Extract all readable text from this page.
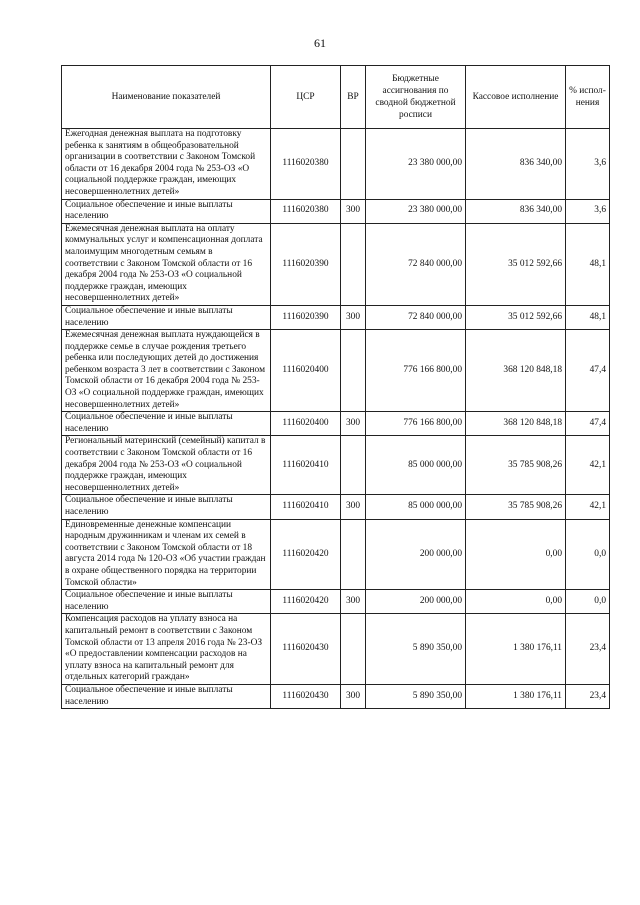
61
Наименование показателей	ЦСР	ВР	Бюджетные ассигнования по сводной бюджетной росписи	Кассовое исполнение	% испол-нения
Ежегодная денежная выплата на подготовку ребенка к занятиям в общеобразовательной организации в соответствии с Законом Томской области от 16 декабря 2004 года № 253-ОЗ «О социальной поддержке граждан, имеющих несовершеннолетних детей»	1116020380		23 380 000,00	836 340,00	3,6
Социальное обеспечение и иные выплаты населению	1116020380	300	23 380 000,00	836 340,00	3,6
Ежемесячная денежная выплата на оплату коммунальных услуг и компенсационная доплата малоимущим многодетным семьям в соответствии с Законом Томской области от 16 декабря 2004 года № 253-ОЗ «О социальной поддержке граждан, имеющих несовершеннолетних детей»	1116020390		72 840 000,00	35 012 592,66	48,1
Социальное обеспечение и иные выплаты населению	1116020390	300	72 840 000,00	35 012 592,66	48,1
Ежемесячная денежная выплата нуждающейся в поддержке семье в случае рождения третьего ребенка или последующих детей до достижения ребенком возраста 3 лет в соответствии с Законом Томской области от 16 декабря 2004 года № 253-ОЗ «О социальной поддержке граждан, имеющих несовершеннолетних детей»	1116020400		776 166 800,00	368 120 848,18	47,4
Социальное обеспечение и иные выплаты населению	1116020400	300	776 166 800,00	368 120 848,18	47,4
Региональный материнский (семейный) капитал в соответствии с Законом Томской области от 16 декабря 2004 года № 253-ОЗ «О социальной поддержке граждан, имеющих несовершеннолетних детей»	1116020410		85 000 000,00	35 785 908,26	42,1
Социальное обеспечение и иные выплаты населению	1116020410	300	85 000 000,00	35 785 908,26	42,1
Единовременные денежные компенсации народным дружинникам и членам их семей в соответствии с Законом Томской области от 18 августа 2014 года № 120-ОЗ «Об участии граждан в охране общественного порядка на территории Томской области»	1116020420		200 000,00	0,00	0,0
Социальное обеспечение и иные выплаты населению	1116020420	300	200 000,00	0,00	0,0
Компенсация расходов на уплату взноса на капитальный ремонт в соответствии с Законом Томской области от 13 апреля 2016 года № 23-ОЗ «О предоставлении компенсации расходов на уплату взноса на капитальный ремонт для отдельных категорий граждан»	1116020430		5 890 350,00	1 380 176,11	23,4
Социальное обеспечение и иные выплаты населению	1116020430	300	5 890 350,00	1 380 176,11	23,4
